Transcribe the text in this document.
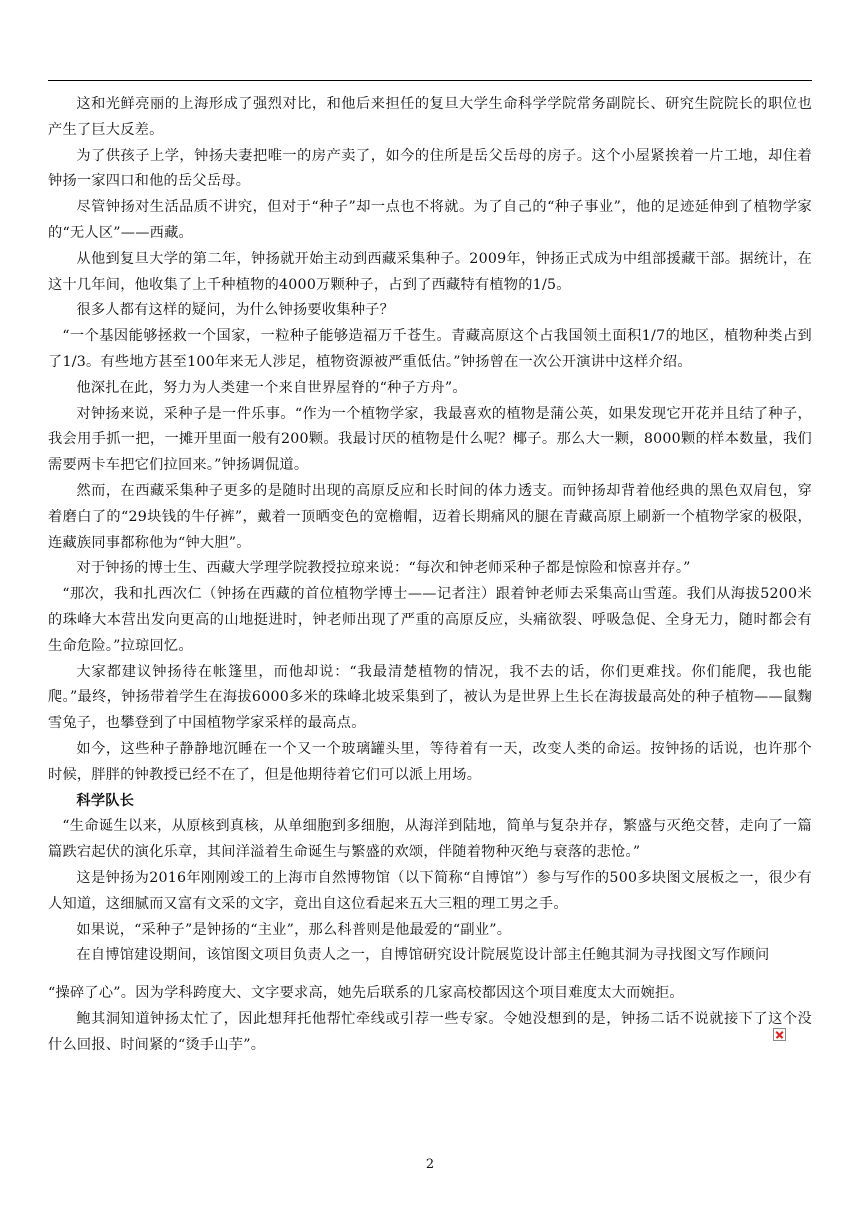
这和光鲜亮丽的上海形成了强烈对比，和他后来担任的复旦大学生命科学学院常务副院长、研究生院院长的职位也产生了巨大反差。

为了供孩子上学，钟扬夫妻把唯一的房产卖了，如今的住所是岳父岳母的房子。这个小屋紧挨着一片工地，却住着钟扬一家四口和他的岳父岳母。

尽管钟扬对生活品质不讲究，但对于“种子”却一点也不将就。为了自己的“种子事业”，他的足迹延伸到了植物学家的“无人区”——西藏。

从他到复旦大学的第二年，钟扬就开始主动到西藏采集种子。2009年，钟扬正式成为中组部援藏干部。据统计，在这十几年间，他收集了上千种植物的4000万颗种子，占到了西藏特有植物的1/5。

很多人都有这样的疑问，为什么钟扬要收集种子？

“一个基因能够拯救一个国家，一粒种子能够造福万千苍生。青藏高原这个占我国领土面积1/7的地区，植物种类占到了1/3。有些地方甚至100年来无人涉足，植物资源被严重低估。”钟扬曾在一次公开演讲中这样介绍。

他深扎在此，努力为人类建一个来自世界屋脊的“种子方舟”。

对钟扬来说，采种子是一件乐事。“作为一个植物学家，我最喜欢的植物是蒲公英，如果发现它开花并且结了种子，我会用手抓一把，一摊开里面一般有200颗。我最讨厌的植物是什么呢？椰子。那么大一颗，8000颗的样本数量，我们需要两卡车把它们拉回来。”钟扬调侃道。

然而，在西藏采集种子更多的是随时出现的高原反应和长时间的体力透支。而钟扬却背着他经典的黑色双肩包，穿着磨白了的“29块钱的牛仔裤”，戴着一顶晒变色的宽檐帽，迈着长期痛风的腿在青藏高原上刷新一个植物学家的极限，连藏族同事都称他为“钟大胆”。

对于钟扬的博士生、西藏大学理学院教授拉琼来说：“每次和钟老师采种子都是惊险和惊喜并存。”

“那次，我和扎西次仁（钟扬在西藏的首位植物学博士——记者注）跟着钟老师去采集高山雪莲。我们从海拔5200米的珠峰大本营出发向更高的山地挺进时，钟老师出现了严重的高原反应，头痛欲裂、呼吸急促、全身无力，随时都会有生命危险。”拉琼回忆。

大家都建议钟扬待在帐篷里，而他却说：“我最清楚植物的情况，我不去的话，你们更难找。你们能爬，我也能爬。”最终，钟扬带着学生在海拔6000多米的珠峰北坡采集到了，被认为是世界上生长在海拔最高处的种子植物——鼠麴雪兔子，也攀登到了中国植物学家采样的最高点。

如今，这些种子静静地沉睡在一个又一个玻璃罐头里，等待着有一天，改变人类的命运。按钟扬的话说，也许那个时候，胖胖的钟教授已经不在了，但是他期待着它们可以派上用场。

科学队长

“生命诞生以来，从原核到真核，从单细胞到多细胞，从海洋到陆地，简单与复杂并存，繁盛与灭绝交替，走向了一篇篇跌宕起伏的演化乐章，其间洋溢着生命诞生与繁盛的欢颂，伴随着物种灭绝与衰落的悲怆。”

这是钟扬为2016年刚刚竣工的上海市自然博物馆（以下简称“自博馆”）参与写作的500多块图文展板之一，很少有人知道，这细腻而又富有文采的文字，竟出自这位看起来五大三粗的理工男之手。

如果说，“采种子”是钟扬的“主业”，那么科普则是他最爱的“副业”。

在自博馆建设期间，该馆图文项目负责人之一，自博馆研究设计院展览设计部主任鲍其洞为寻找图文写作顾问

“操碎了心”。因为学科跨度大、文字要求高，她先后联系的几家高校都因这个项目难度太大而婉拒。

鲍其洞知道钟扬太忙了，因此想拜托他帮忙牵线或引荐一些专家。令她没想到的是，钟扬二话不说就接下了这个没什么回报、时间紧的“烫手山芋”。

2
